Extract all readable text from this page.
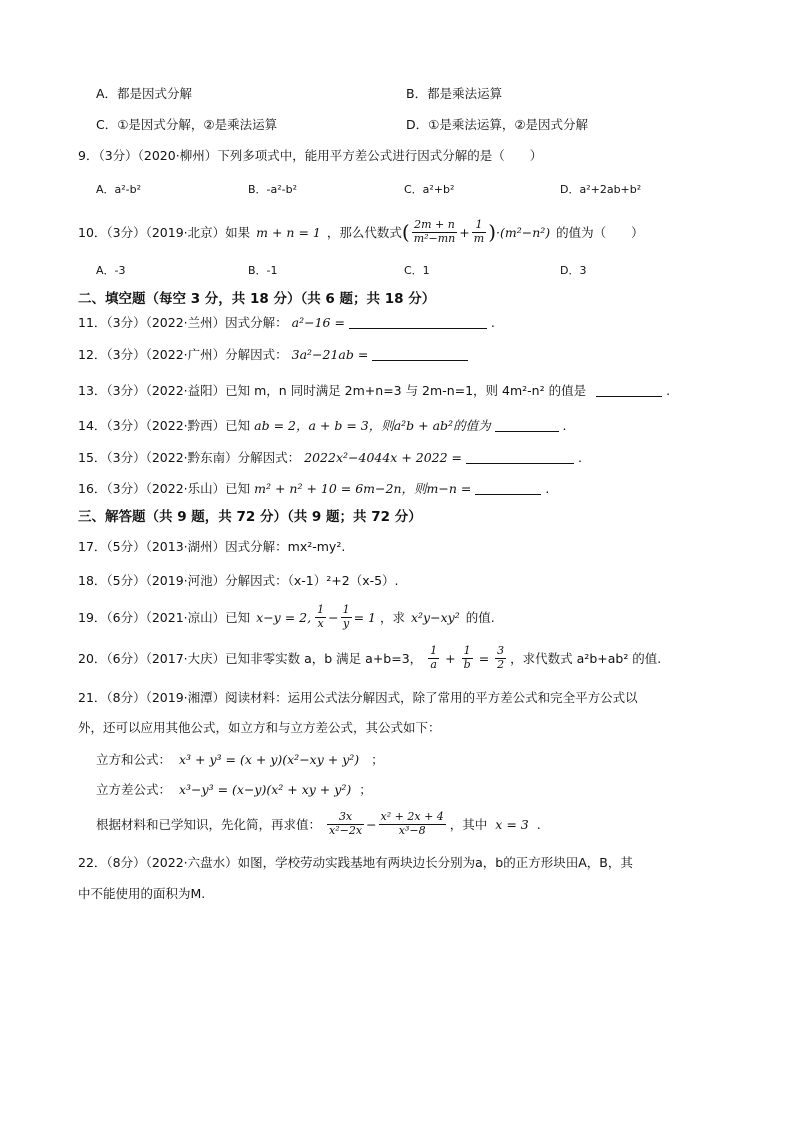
A．都是因式分解	B．都是乘法运算
C．①是因式分解，②是乘法运算	D．①是乘法运算，②是因式分解
9．（3分）（2020·柳州）下列多项式中，能用平方差公式进行因式分解的是（　　）
A．a²-b²	B．-a²-b²	C．a²+b²	D．a²+2ab+b²
10．（3分）（2019·北京）如果 m + n = 1 ，那么代数式 ( $\frac{2m + n}{\text{m²−mn}} + \frac{1}{m}$ ) ·(m²−n²) 的值为（　　）
A．-3	B．-1	C．1	D．3
二、填空题（每空 3 分，共 18 分）（共 6 题；共 18 分）
11．（3分）（2022·兰州）因式分解： a²−16 =	.
12．（3分）（2022·广州）分解因式： 3a²−21ab =
13．（3分）（2022·益阳）已知 m，n 同时满足 2m+n=3 与 2m-n=1，则 4m²-n² 的值是	.
14．（3分）（2022·黔西）已知 ab = 2，a + b = 3，则a²b + ab²的值为	.
15．（3分）（2022·黔东南）分解因式： 2022x²−4044x + 2022 =	.
16．（3分）（2022·乐山）已知 m² + n² + 10 = 6m−2n，则m−n =	.
三、解答题（共 9 题，共 72 分）（共 9 题；共 72 分）
17．（5分）（2013·湖州）因式分解：mx²-my².
18．（5分）（2019·河池）分解因式：（x-1）²+2（x-5）.
19．（6分）（2021·凉山）已知 x−y = 2, $\frac{1}{x} - \frac{1}{y} = 1$ ，求 x²y−xy² 的值.
20．（6分）（2017·大庆）已知非零实数 a，b 满足 a+b=3， $\frac{1}{a} + \frac{1}{b} = \frac{3}{2}$ ，求代数式 a²b+ab² 的值.
21．（8分）（2019·湘潭）阅读材料：运用公式法分解因式，除了常用的平方差公式和完全平方公式以
外，还可以应用其他公式，如立方和与立方差公式，其公式如下：
立方和公式： x³ + y³ = (x + y)(x²−xy + y²) ；
立方差公式： x³−y³ = (x−y)(x² + xy + y²) ；
根据材料和已学知识，先化简，再求值： $\frac{3x}{\text{x²−2x}} - \frac{\text{x² + 2x + 4}}{\text{x³−8}}$ ，其中 x = 3 .
22．（8分）（2022·六盘水）如图，学校劳动实践基地有两块边长分别为a，b的正方形块田A，B，其
中不能使用的面积为M.
